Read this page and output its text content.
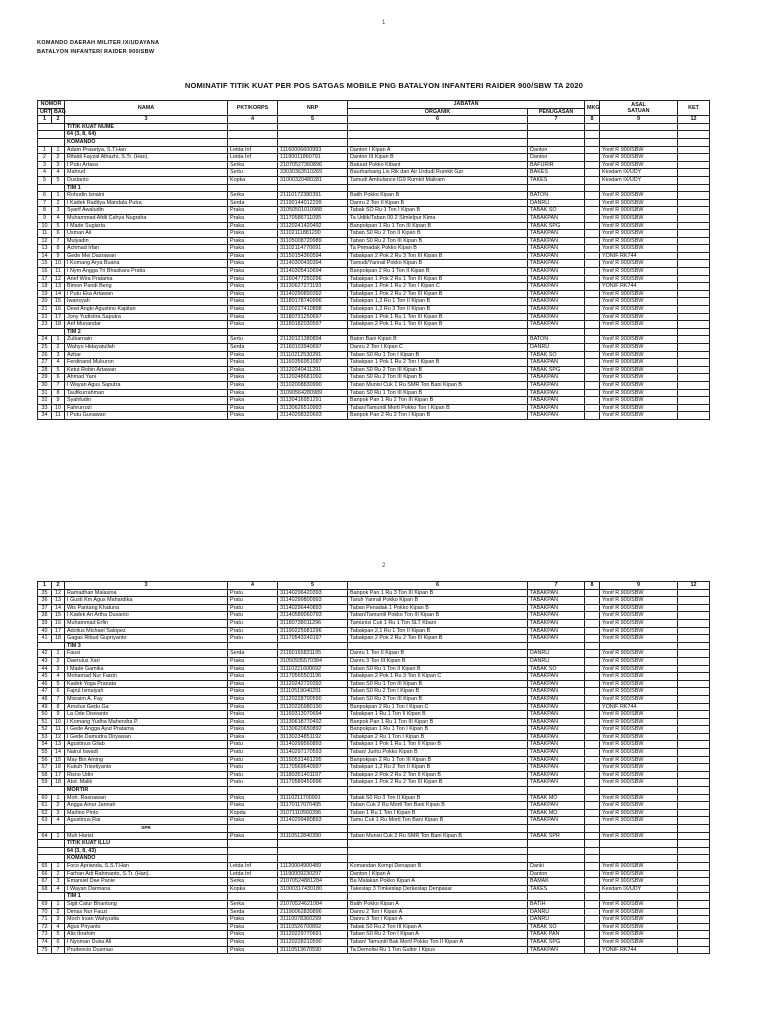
1
KOMANDO DAERAH MILITER IX/UDAYANA
BATALYON INFANTERI RAIDER 900/SBW
NOMINATIF TITIK KUAT PER POS SATGAS MOBILE PNG BATALYON INFANTERI RAIDER 900/SBW TA 2020
NOMOR		NAMA	PKT/KORPS	NRP	JABATAN		MKG	ASAL
SATUAN	KET
URT	BAG				ORGANIK	PENUGASAN			
1	2	3	4	5	6	7	8	9	12
		TITIK KUAT NUME							
		64 (3, 8, 64)							
		KOMANDO							
1	1	Adam Prasetya, S.T.Han	Letda Inf	11160006600993	Danton I Kipan A	Danton		Yonif R 900/SBW	
2	2	Rifaldi Fayzal Alhazhi, S.Tr. (Han).	Letda Inf	11190011860791	Danton III Kipan B	Danton		Yonif R 900/SBW	
3	3	I Putu Artasa	Serka	21070527360896	Batuud Pokko Kibant	BAFURIR		Yonif R 900/SBW	
4	4	Mahrud	Sertu	33030363510269	Baurharbang Lis Rik dan Air Urdudl Rumkit Gpr	BAKES		Kesdam IX/UDY	
5	5	Dustanto	Kopka	31000320480281	Tamudi Ambulance IG9 Rumkit Maliram	TAKES		Kesdam IX/UDY	
		TIM 1							
6	1	Rohudin Isnaini	Serka	21110172380391	Batih Pokko Kipan B	BATON		Yonif R 900/SBW	
7	2	I Kadek Raditya Mandala Putra	Serda	21190144012299	Danru 2 Ton II Kipan B	DANRU		Yonif R 900/SBW	
8	3	Syarif Awaludin	Praka	31050501010988	Tabak SO Ru 1 Ton I Kipan B	TABAK SO		Yonif R 900/SBW	
9	4	Muhammad Afdil Cahya Nugraha	Praka	31170586711095	Ta Uditk/Taban 00 2 Slmlelpur Kima	TABAKPAN		Yonif R 900/SBW	
10	5	I Made Sugiarta	Praka	31120241420492	Banpokpan 1 Ru 1 Ton III Kipan B	TABAK SPG		Yonif R 900/SBW	
11	6	Usman Ali	Praka	31102111881290	Taban S0 Ru 2 Ton II Kipan B	TABAKPAN		Yonif R 900/SBW	
12	7	Mulyadin	Praka	31105008720989	Taban S0 Ru 2 Ton III Kipan B	TABAKPAN		Yonif R 900/SBW	
13	8	Achmad Irfan	Praka	31102114770691	Ta Pemadak Pokko Kipan B	TABAKPAN		Yonif R 900/SBW	
14	9	Gede Mei Dasrawan	Praka	31150154360594	Tabakpan 2 Pok 2 Ru 3 Ton III Kipan B	TABAKPAN		YONIF RK744	
15	10	I Komang Arya Buana	Praka	31140300430394	Tamudi/Yanrail Pokko Kipan B	TABAKPAN		Yonif R 900/SBW	
16	11	I Nym Angga Tri Bhaskara Pratia	Praka	31140305410694	Banpokpan 2 Ru 1 Ton II Kipan B	TABAKPAN		Yonif R 900/SBW	
17	12	Arief Wira Pratama	Praka	31160477250296	Tabakpan 1 Pok 2 Ru 1 Ton III Kipan B	TABAKPAN		Yonif R 900/SBW	
18	13	Bimon Pandi Beng	Praka	31130627271193	Tabakpan 1 Pok 1 Ru 2 Ton I Kipan C	TABAKPAN		YONIF RK744	
19	14	I Putu Eka Artawan	Praka	31140290890392	Tabakpan 1 Pok 2 Ru 2 Ton III Kipan B	TABAKPAN		Yonif R 900/SBW	
20	15	Iwansyah	Praka	31180178740996	Tabakpan 1,2 Ru 1 Ton II Kipan B	TABAKPAN		Yonif R 900/SBW	
21	16	Dewi Angki Agustino Kapitan	Praka	31190227410898	Tabakpan 1,2 Ru 3 Ton II Kipan B	TABAKPAN		Yonif R 900/SBW	
22	17	Jony Yudistira Saputra	Praka	31180731250697	Tabakpan 1 Pok 1 Ru 1 Ton III Kipan B	TABAKPAN		Yonif R 900/SBW	
23	18	Arif Munandar	Praka	31180182030597	Tabakpan 2 Pok 1 Ru 1 Ton III Kipan B	TABAKPAN		Yonif R 900/SBW	
		TIM 2							
24	1	Zulkarnain	Sertu	21130121380894	Baton Bani Kipan B	BATON		Yonif R 900/SBW	
25	2	Wahyu Hidayatullah	Serda	21160103940697	Danru 2 Ton I Kipan C	DANRU		Yonif R 900/SBW	
26	3	Azhar	Praka	31110212530291	Taban S0 Ru 1 Ton I Kipan B	TABAK SO		Yonif R 900/SBW	
27	4	Ferdinand Mukuron	Praka	31160356951097	Tabakpan 1 Pok 1 Ru 2 Ton I Kipan B	TABAKPAN		Yonif R 900/SBW	
28	5	Ketut Robin Artawan	Praka	31120240411291	Taban S0 Ru 2 Ton III Kipan B	TABAK SPG		Yonif R 900/SBW	
29	6	Ahmad Yani	Praka	31120248681092	Taban S0 Ru 2 Ton III Kipan B	TABAKPAN		Yonif R 900/SBW	
30	7	I Wayan Agus Saputra	Praka	31102008830990	Taban Munisi Cuk 1 Ru SMR Ton Bani Kipan B	TABAKPAN		Yonif R 900/SBW	
31	8	Taufikurrahman	Praka	31090564280989	Taban S0 Ru 1 Ton III Kipan B	TABAKPAN		Yonif R 900/SBW	
32	9	Syahfudin	Praka	31130416951291	Banpok Pan 1 Ru 2 Ton III Kipan B	TABAKPAN		Yonif R 900/SBW	
33	10	Fahrurrozi	Praka	31130626510993	Taban/Tamuntil Mortl Pokko Ton I Kipan B	TABAKPAN		Yonif R 900/SBW	
34	11	I Putu Gunawan	Praka	31140298320693	Banpok Pan 2 Ru 2 Ton I Kipan B	TABAKPAN		Yonif R 900/SBW	
2
1	2	3	4	5	6	7	8	9	12
35	12	Ramadhan Malasina	Pratu	31140296420393	Banpok Pan 1 Ru 3 Ton III Kipan B	TABAKPAN		Yonif R 900/SBW	
36	13	I Gusti Km Agus Mahardika	Pratu	31140299800993	Taruh Yanrail Pokko Kipan B	TABAKPAN		Yonif R 900/SBW	
37	14	Wis Pantang Khatuna	Pratu	31140296440893	Taban Penadak 1 Pokko Kipan B	TABAKPAN		Yonif R 900/SBW	
38	15	I Kadek Ari Artha Dusanto	Pratu	31140589060793	Taban/Tamuntil Pokko Ton III Kipan B	TABAKPAN		Yonif R 900/SBW	
39	16	Muhammad Erfin	Pratu	31180738011296	Tamunisi Cuk 1 Ru 1 Ton SLT Kbani	TABAKPAN		Yonif R 900/SBW	
40	17	Adolius Michael Salopez	Pratu	31190225981296	Tabakpan 2,1 Ru 1 Ton II Kipan B	TABAKPAN		Yonif R 900/SBW	
41	18	Gagas Ribud Gupriyanto	Pratu	31170543240197	Tabakpan 2 Pok 2 Ru 2 Ton III Kipan B	TABAKPAN		Yonif R 900/SBW	
		TIM 3							
42	1	Fausi	Serda	21160165831195	Danru 1 Ton II Kipan B	DANRU		Yonif R 900/SBW	
43	2	Daeruluz Xari	Praka	31050935570384	Danru 3 Ton III Kipan B	DANRU		Yonif R 900/SBW	
44	3	I Made Gamika	Praka	31110221600692	Taban S0 Ru 1 Ton II Kipan B	TABAK SO		Yonif R 900/SBW	
45	4	Mohamad Nur Faizin	Praka	31170565501196	Tabakpan 2 Pok 1 Ru 3 Ton II Kipan C	TABAKPAN		Yonif R 900/SBW	
46	5	Kadek Yoga Pranata	Praka	31120242720392	Taban S0 Ru 1 Ton III Kipan B	TABAKPAN		Yonif R 900/SBW	
47	6	Fajrul Ismaiyah	Praka	31110519040291	Taban S0 Ru 2 Ton I Kipan B	TABAKPAN		Yonif R 900/SBW	
48	7	Misraim A. Fay	Praka	31120228700590	Taban S0 Ru 3 Ton III Kipan B	TABAKPAN		Yonif R 900/SBW	
49	8	Arnolus Gedu Ga	Praka	31120226980190	Banpokpan 2 Ru 1 Ton I Kipan C	TABAKPAN		YONIF RK744	
50	9	La Ode Diswanto	Praka	31160313070694	Tabakpan 1 Ru 1 Ton II Kipan B	TABAKPAN		Yonif R 900/SBW	
51	10	I Komang Yudha Mahendra P.	Praka	31130618770492	Banpok Pan 1 Ru 1 Ton III Kipan B	TABAKPAN		Yonif R 900/SBW	
52	11	I Gede Angga Ayut Pratama	Praka	31130620650892	Banpokpan 1 Ru 1 Ton I Kipan B	TABAKPAN		Yonif R 900/SBW	
53	12	I Gede Damudra Diryawan	Praka	31130234851192	Tabakpan 2 Ru 1 Ton I Kipan B	TABAKPAN		Yonif R 900/SBW	
54	13	Agustinus Gilab	Pratu	31140299560893	Tabakpan 1 Pok 1 Ru 1 Ton II Kipan B	TABAKPAN		Yonif R 900/SBW	
55	14	Nairul Iswadi	Pratu	31140297170593	Taban/ Juritu Pokko Kipan B	TABAKPAN		Yonif R 900/SBW	
56	15	May Bin Aming	Pratu	31150531461295	Banpokpan 2 Ru 1 Ton III Kipan B	TABAKPAN		Yonif R 900/SBW	
57	16	Kukuh Trisetiyanto	Pratu	31170569640997	Tabakpan 1,2 Ru 2 Ton II Kipan B	TABAKPAN		Yonif R 900/SBW	
58	17	Risno Udin	Pratu	31180351401197	Tabakpan 2 Pok 2 Ru 2 Ton II Kipan B	TABAKPAN		Yonif R 900/SBW	
59	18	Abd. Malik	Pratu	31170589450996	Tabakpan 1 Pok 2 Ru 2 Ton III Kipan B	TABAKPAN		Yonif R 900/SBW	
		MORTIR							
60	1	Moh. Rasnawan	Praka	31110211700991	Tabak S0 Ru 3 Ton II Kipan B	TABAK MO		Yonif R 900/SBW	
61	2	Angga Ainur Jannah	Praka	31170117070495	Taban Cuk 2 Ru Mortl Ton Bani Kipan B	TABAKPAN		Yonif R 900/SBW	
62	3	Marlino Pinto	Kopda	31071110560396	Taban 1 Ru 1 Ton I Kipan B	TABAK MO		Yonif R 900/SBW	
63	4	Agustinus Rai	Praka	31140299480893	Tamu Cuk 1 Ru Mortl Ton Bani Kipan B	TABAKPAN		Yonif R 900/SBW	
		SPR							
64	1	Muh Harist	Praka	31110512840390	Taban Munisi Cuk 2 Ru SMR Ton Bani Kipan B	TABAK SPR		Yonif R 900/SBW	
		TITIK KUAT ILLU							
		64 (3, 8, 43)							
		KOMANDO							
65	1	Foco Aprianda, S.S.T.Han	Letda Inf	11120004900489	Komandan Kompi Denapan B	Danki		Yonif R 900/SBW	
66	2	Farhan Adi Rahmanto, S.Tr. (Han).	Letda Inf	11190009230297	Danton I Kipan A	Danton		Yonif R 900/SBW	
67	3	Emanuel Dae Panie	Serka	21070524881284	Ba Malakan Pokko Kipan A	BAMAK		Yonif R 900/SBW	
68	4	I Wayan Darmana	Kopka	31000317430180	Takeslap 3 Timkeslap Derkeslap Denpasar	TAKES		Kesdam IX/UDY	
		TIM 1							
69	1	Sigit Catur Bhantung	Serka	21070524621084	Batih Pokko Kipan A	BATIH		Yonif R 900/SBW	
70	2	Dimas Nur Fauzi	Serda	21190062830896	Danru 2 Ton I Kipan A	DANRU		Yonif R 900/SBW	
71	3	Moch Irsan Wahyudia	Praka	31110078360299	Danru 3 Ton I Kipan A	DANRU		Yonif R 900/SBW	
72	4	Agus Priyanto	Praka	31110526700892	Tabak S0 Ru 2 Ton III Kipan A	TABAK SO		Yonif R 900/SBW	
73	5	Alis Ibrahim	Praka	31120229770691	Taban S0 Ru 2 Ton I Kipan A	TABAK PAN		Yonif R 900/SBW	
74	6	I Nyoman Duka Ali	Praka	31120228210590	Taban/ Tamuntil Bak Mortl Pokko Ton II Kipan A	TABAK SPG		Yonif R 900/SBW	
75	7	Prudencio Dusmao	Praka	31110513670590	Ta Demolisi Ru 1 Ton Gultor I Kipus	TABAKPAN		YONIF RK744	
